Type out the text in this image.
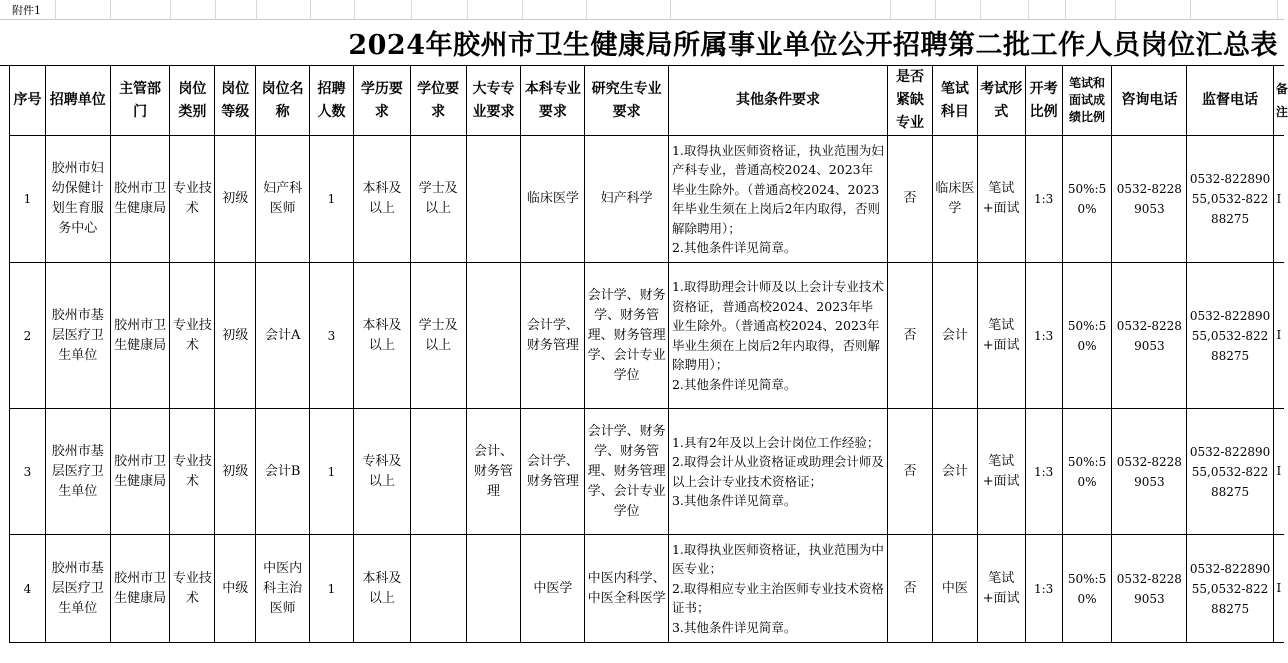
附件1
2024年胶州市卫生健康局所属事业单位公开招聘第二批工作人员岗位汇总表
序号	招聘单位	主管部门	岗位类别	岗位等级	岗位名称	招聘人数	学历要求	学位要求	大专专业要求	本科专业要求	研究生专业要求	其他条件要求	是否紧缺专业	笔试科目	考试形式	开考比例	笔试和面试成绩比例	咨询电话	监督电话	备注
1	胶州市妇幼保健计划生育服务中心	胶州市卫生健康局	专业技术	初级	妇产科医师	1	本科及以上	学士及以上		临床医学	妇产科学	1.取得执业医师资格证，执业范围为妇产科专业，普通高校2024、2023年毕业生除外。（普通高校2024、2023年毕业生须在上岗后2年内取得，否则解除聘用）；
2.其他条件详见简章。	否	临床医学	笔试+面试	1:3	50%:50%	0532-82289053	0532-82289055,0532-82288275	I
2	胶州市基层医疗卫生单位	胶州市卫生健康局	专业技术	初级	会计A	3	本科及以上	学士及以上		会计学、财务管理	会计学、财务学、财务管理、财务管理学、会计专业学位	1.取得助理会计师及以上会计专业技术资格证，普通高校2024、2023年毕业生除外。（普通高校2024、2023年毕业生须在上岗后2年内取得，否则解除聘用）；
2.其他条件详见简章。	否	会计	笔试+面试	1:3	50%:50%	0532-82289053	0532-82289055,0532-82288275	I
3	胶州市基层医疗卫生单位	胶州市卫生健康局	专业技术	初级	会计B	1	专科及以上		会计、财务管理	会计学、财务管理	会计学、财务学、财务管理、财务管理学、会计专业学位	1.具有2年及以上会计岗位工作经验；
2.取得会计从业资格证或助理会计师及以上会计专业技术资格证；
3.其他条件详见简章。	否	会计	笔试+面试	1:3	50%:50%	0532-82289053	0532-82289055,0532-82288275	I
4	胶州市基层医疗卫生单位	胶州市卫生健康局	专业技术	中级	中医内科主治医师	1	本科及以上			中医学	中医内科学、中医全科医学	1.取得执业医师资格证，执业范围为中医专业；
2.取得相应专业主治医师专业技术资格证书；
3.其他条件详见简章。	否	中医	笔试+面试	1:3	50%:50%	0532-82289053	0532-82289055,0532-82288275	I
